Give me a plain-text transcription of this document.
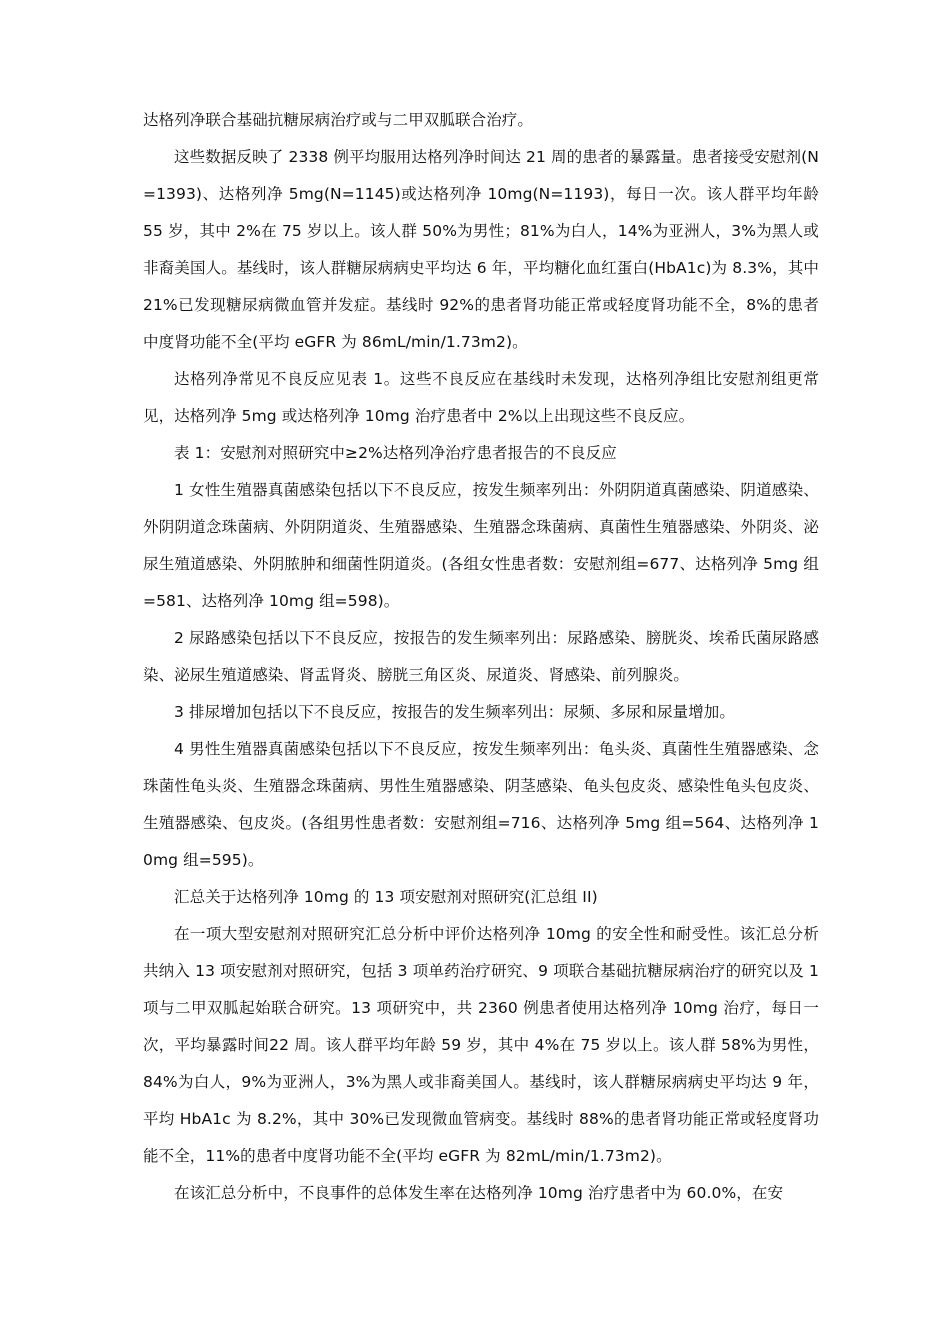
达格列净联合基础抗糖尿病治疗或与二甲双胍联合治疗。

这些数据反映了 2338 例平均服用达格列净时间达 21 周的患者的暴露量。患者接受安慰剂(N=1393)、达格列净 5mg(N=1145)或达格列净 10mg(N=1193)，每日一次。该人群平均年龄 55 岁，其中 2%在 75 岁以上。该人群 50%为男性；81%为白人，14%为亚洲人，3%为黑人或非裔美国人。基线时，该人群糖尿病病史平均达 6 年，平均糖化血红蛋白(HbA1c)为 8.3%，其中 21%已发现糖尿病微血管并发症。基线时 92%的患者肾功能正常或轻度肾功能不全，8%的患者中度肾功能不全(平均 eGFR 为 86mL/min/1.73m2)。

达格列净常见不良反应见表 1。这些不良反应在基线时未发现，达格列净组比安慰剂组更常见，达格列净 5mg 或达格列净 10mg 治疗患者中 2%以上出现这些不良反应。

表 1：安慰剂对照研究中≥2%达格列净治疗患者报告的不良反应

1 女性生殖器真菌感染包括以下不良反应，按发生频率列出：外阴阴道真菌感染、阴道感染、外阴阴道念珠菌病、外阴阴道炎、生殖器感染、生殖器念珠菌病、真菌性生殖器感染、外阴炎、泌尿生殖道感染、外阴脓肿和细菌性阴道炎。(各组女性患者数：安慰剂组=677、达格列净 5mg 组=581、达格列净 10mg 组=598)。

2 尿路感染包括以下不良反应，按报告的发生频率列出：尿路感染、膀胱炎、埃希氏菌尿路感染、泌尿生殖道感染、肾盂肾炎、膀胱三角区炎、尿道炎、肾感染、前列腺炎。

3 排尿增加包括以下不良反应，按报告的发生频率列出：尿频、多尿和尿量增加。

4 男性生殖器真菌感染包括以下不良反应，按发生频率列出：龟头炎、真菌性生殖器感染、念珠菌性龟头炎、生殖器念珠菌病、男性生殖器感染、阴茎感染、龟头包皮炎、感染性龟头包皮炎、生殖器感染、包皮炎。(各组男性患者数：安慰剂组=716、达格列净 5mg 组=564、达格列净 10mg 组=595)。

汇总关于达格列净 10mg 的 13 项安慰剂对照研究(汇总组 II)

在一项大型安慰剂对照研究汇总分析中评价达格列净 10mg 的安全性和耐受性。该汇总分析共纳入 13 项安慰剂对照研究，包括 3 项单药治疗研究、9 项联合基础抗糖尿病治疗的研究以及 1 项与二甲双胍起始联合研究。13 项研究中，共 2360 例患者使用达格列净 10mg 治疗，每日一次，平均暴露时间22 周。该人群平均年龄 59 岁，其中 4%在 75 岁以上。该人群 58%为男性，84%为白人，9%为亚洲人，3%为黑人或非裔美国人。基线时，该人群糖尿病病史平均达 9 年，平均 HbA1c 为 8.2%，其中 30%已发现微血管病变。基线时 88%的患者肾功能正常或轻度肾功能不全，11%的患者中度肾功能不全(平均 eGFR 为 82mL/min/1.73m2)。

在该汇总分析中，不良事件的总体发生率在达格列净 10mg 治疗患者中为 60.0%，在安
